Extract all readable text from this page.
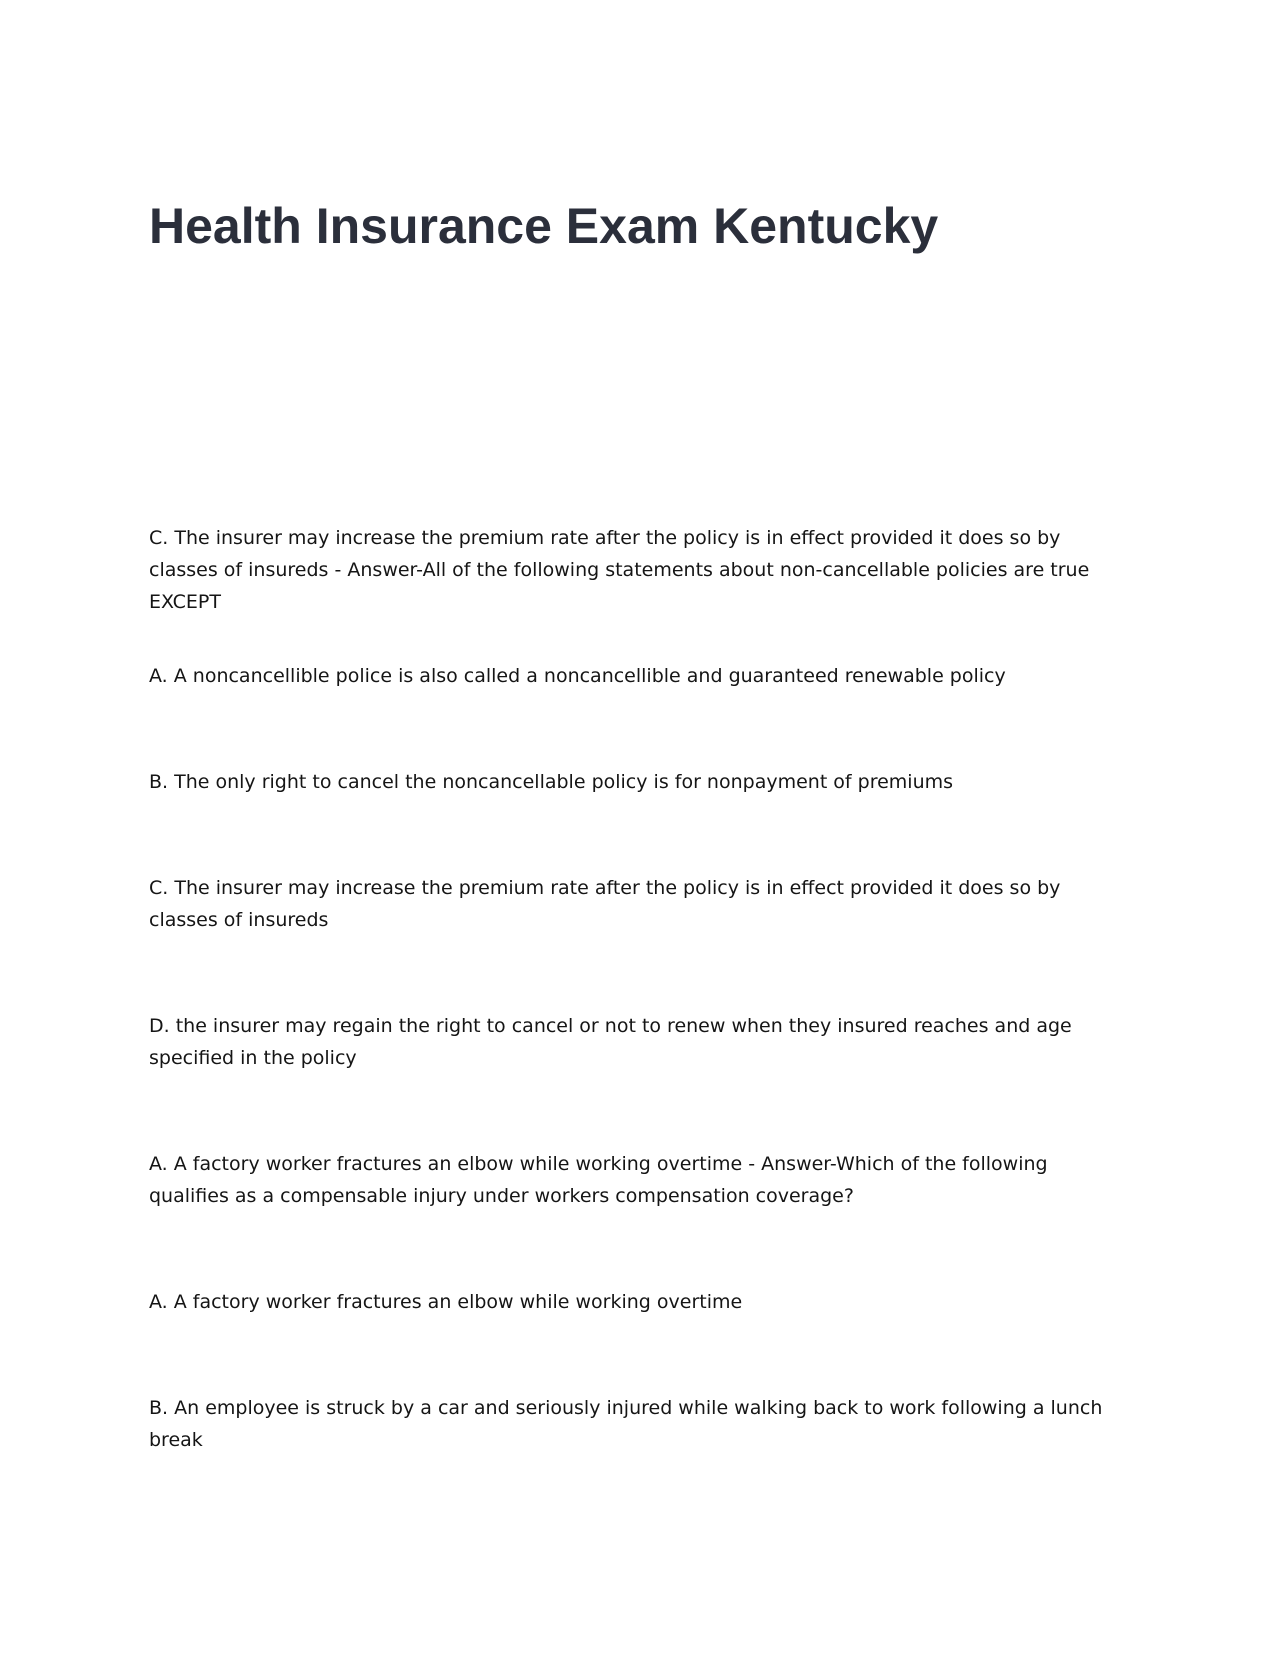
Health Insurance Exam Kentucky

C. The insurer may increase the premium rate after the policy is in effect provided it does so by classes of insureds - Answer-All of the following statements about non-cancellable policies are true EXCEPT

A. A noncancellible police is also called a noncancellible and guaranteed renewable policy

B. The only right to cancel the noncancellable policy is for nonpayment of premiums

C. The insurer may increase the premium rate after the policy is in effect provided it does so by classes of insureds

D. the insurer may regain the right to cancel or not to renew when they insured reaches and age specified in the policy

A. A factory worker fractures an elbow while working overtime - Answer-Which of the following qualifies as a compensable injury under workers compensation coverage?

A. A factory worker fractures an elbow while working overtime

B. An employee is struck by a car and seriously injured while walking back to work following a lunch break
